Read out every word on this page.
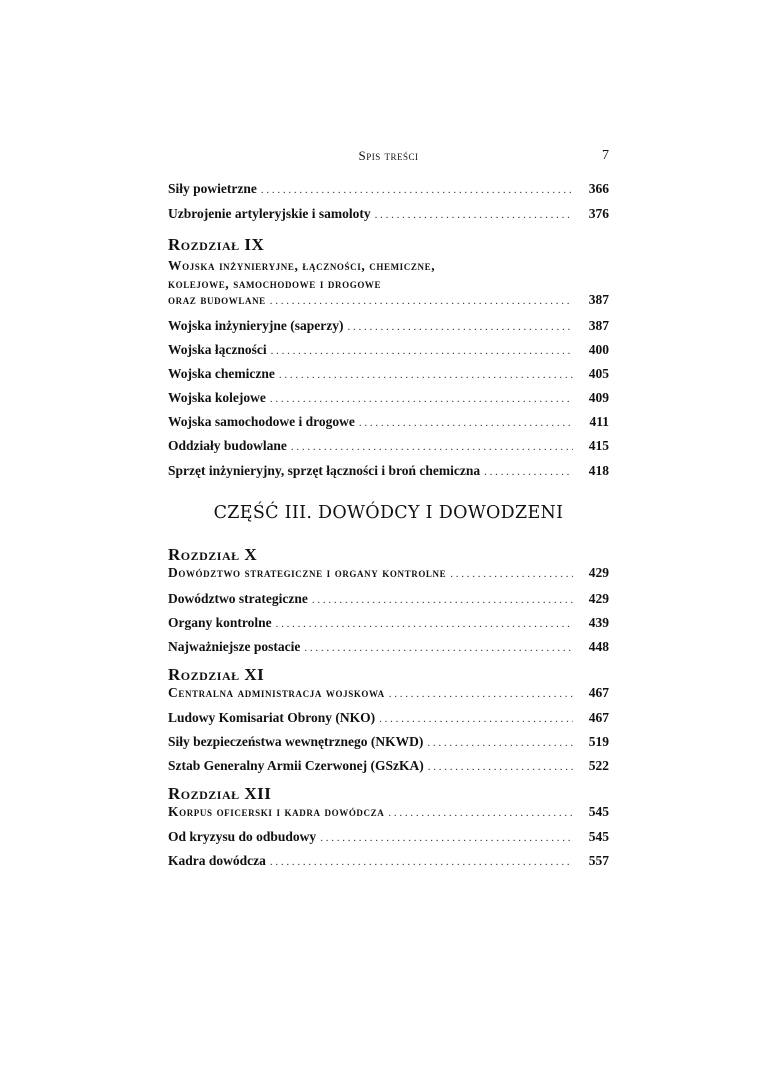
Spis treści	7
Siły powietrzne . . .	366
Uzbrojenie artyleryjskie i samoloty . . .	376
Rozdział IX
Wojska inżynieryjne, łączności, chemiczne,
kolejowe, samochodowe i drogowe
oraz budowlane . . .	387
Wojska inżynieryjne (saperzy) . . .	387
Wojska łączności . . .	400
Wojska chemiczne . . .	405
Wojska kolejowe . . .	409
Wojska samochodowe i drogowe . . .	411
Oddziały budowlane . . .	415
Sprzęt inżynieryjny, sprzęt łączności i broń chemiczna . . .	418
CZĘŚĆ III. DOWÓDCY I DOWODZENI
Rozdział X
Dowództwo strategiczne i organy kontrolne . . .	429
Dowództwo strategiczne . . .	429
Organy kontrolne . . .	439
Najważniejsze postacie . . .	448
Rozdział XI
Centralna administracja wojskowa . . .	467
Ludowy Komisariat Obrony (NKO) . . .	467
Siły bezpieczeństwa wewnętrznego (NKWD) . . .	519
Sztab Generalny Armii Czerwonej (GSzKA) . . .	522
Rozdział XII
Korpus oficerski i kadra dowódcza . . .	545
Od kryzysu do odbudowy . . .	545
Kadra dowódcza . . .	557
